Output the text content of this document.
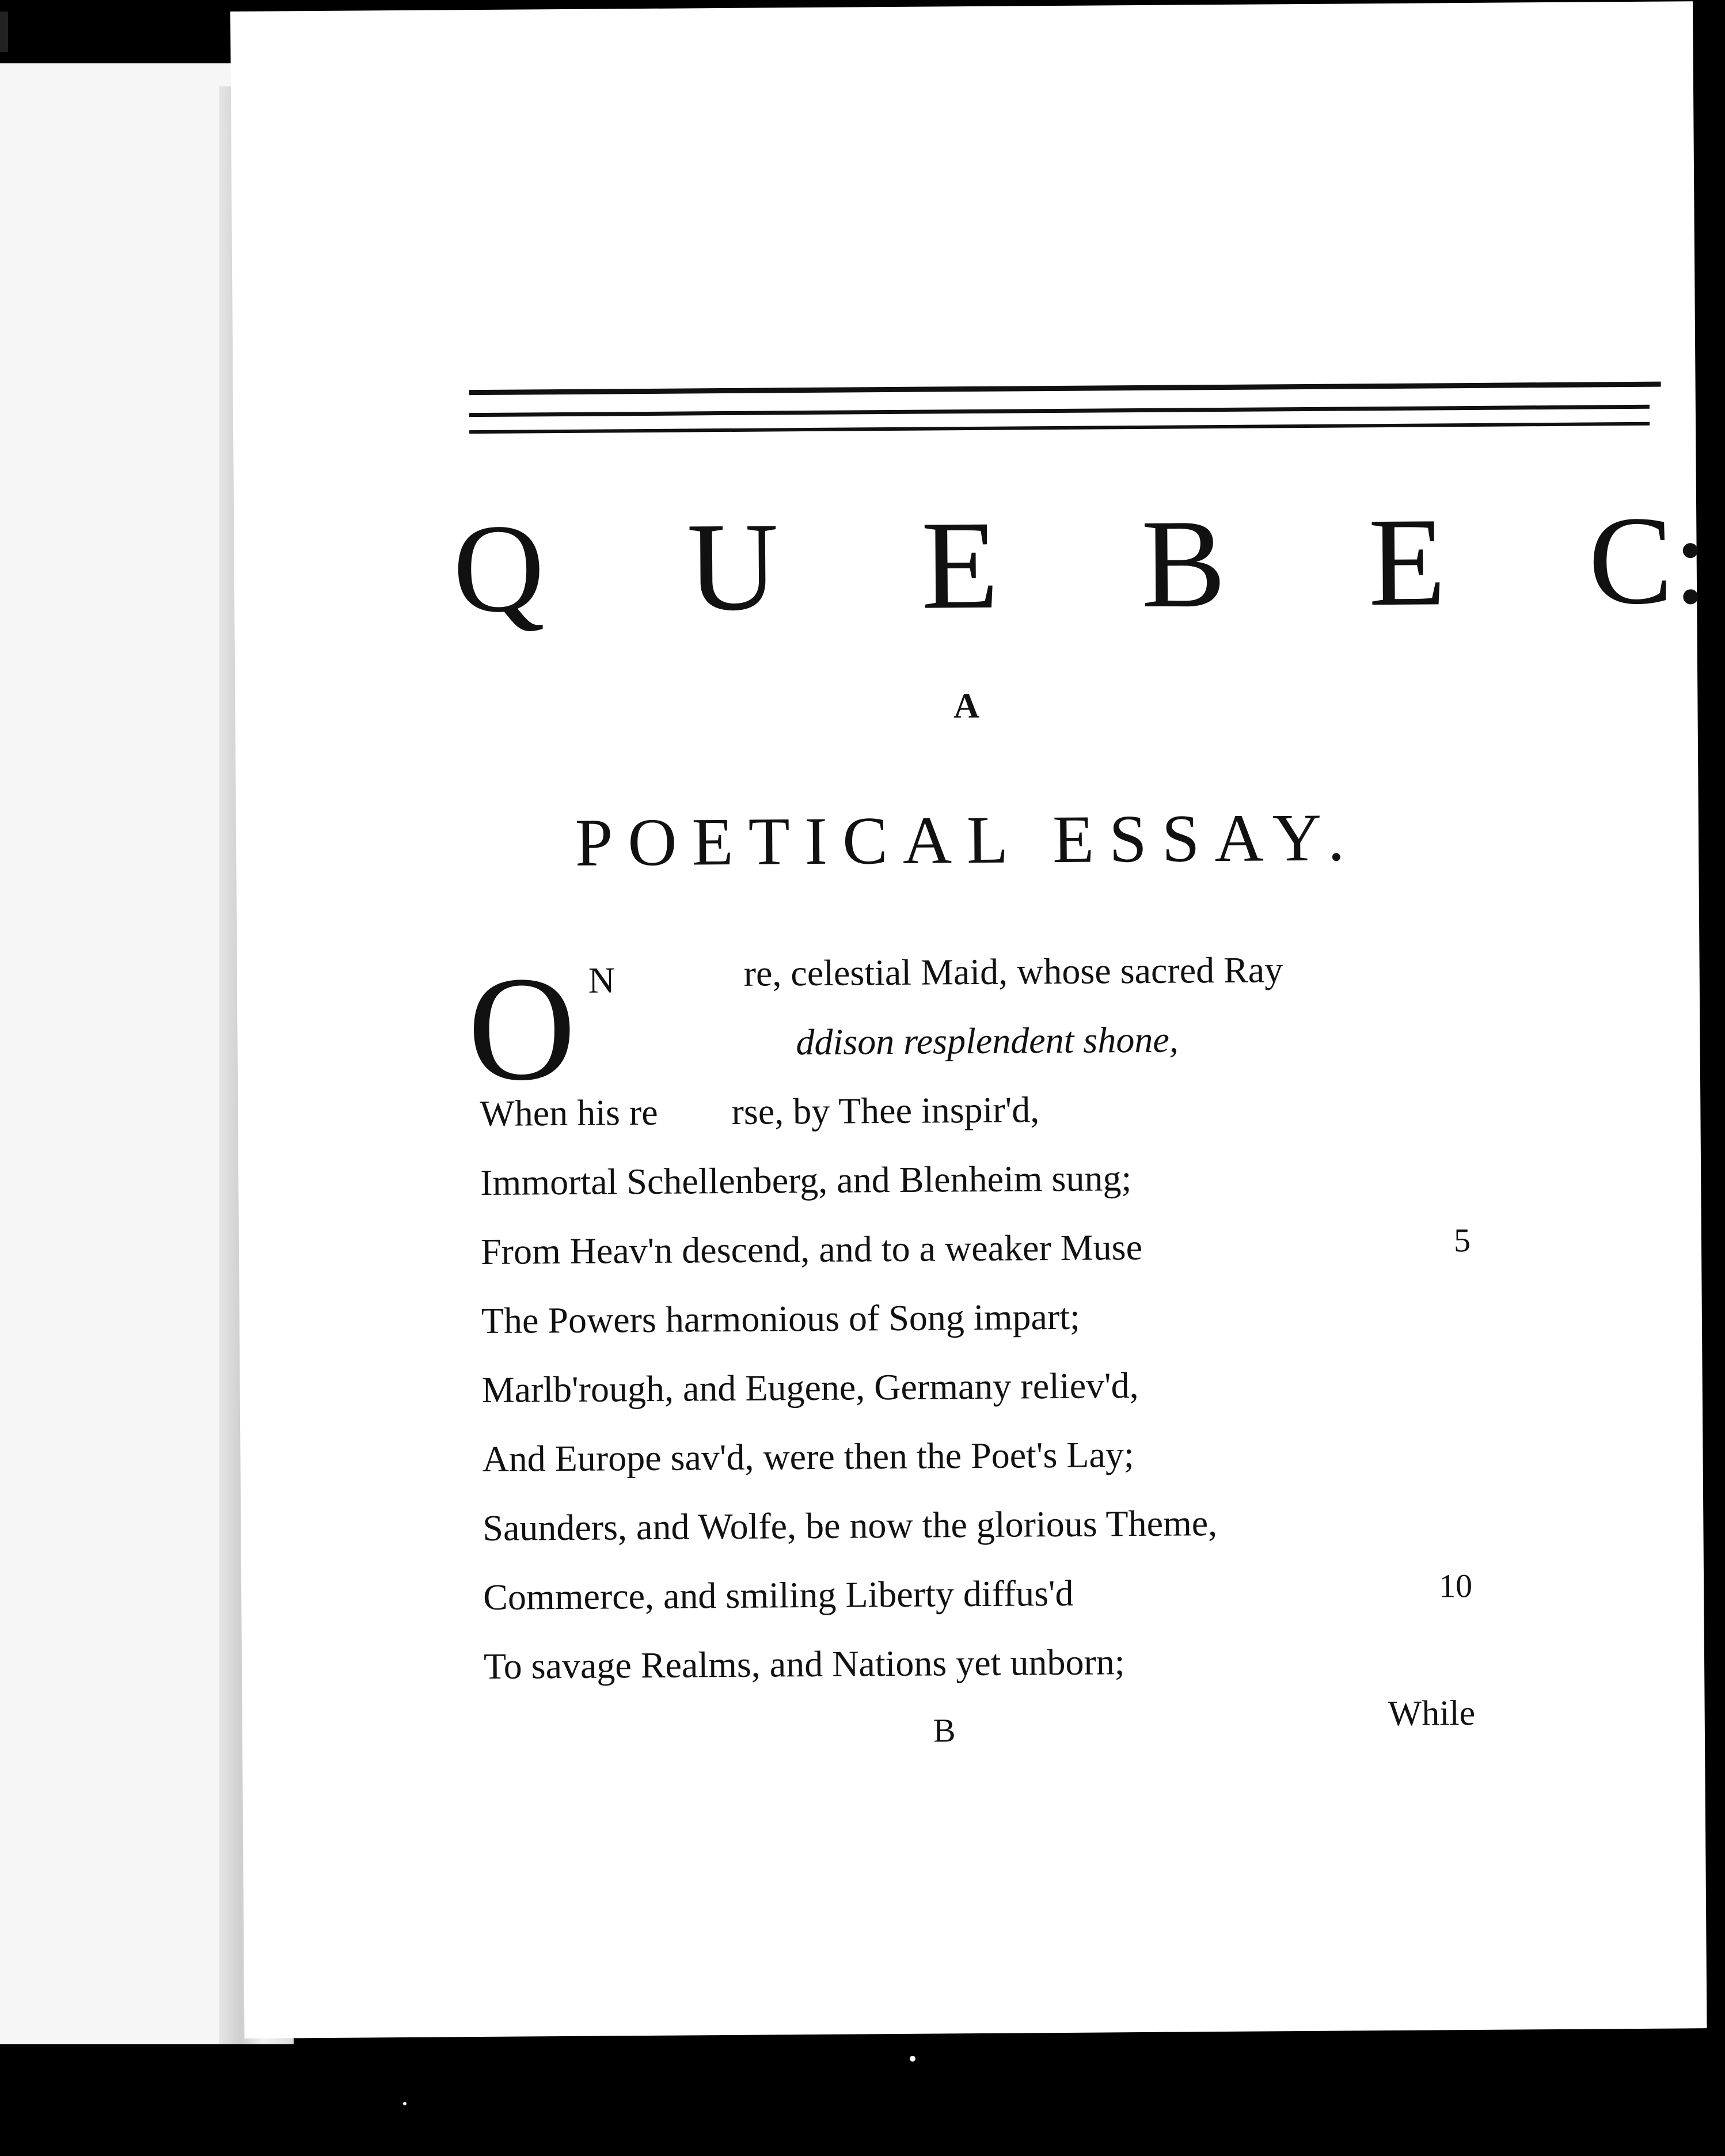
Q U E B E C:
A
POETICAL ESSAY.
O N	re, celestial Maid, whose sacred Ray
ddison resplendent shone,
When his re        rse, by Thee inspir'd,
Immortal Schellenberg, and Blenheim sung;
From Heav'n descend, and to a weaker Muse	5
The Powers harmonious of Song impart;
Marlb'rough, and Eugene, Germany reliev'd,
And Europe sav'd, were then the Poet's Lay;
Saunders, and Wolfe, be now the glorious Theme,
Commerce, and smiling Liberty diffus'd	10
To savage Realms, and Nations yet unborn;
B	While
